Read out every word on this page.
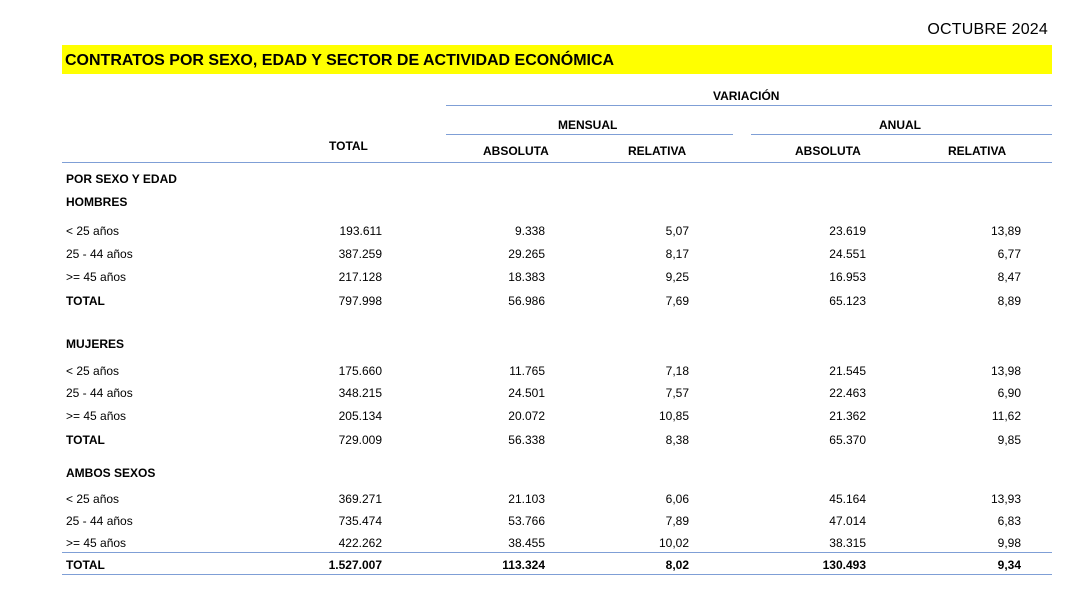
OCTUBRE 2024
CONTRATOS POR SEXO, EDAD Y SECTOR DE ACTIVIDAD ECONÓMICA
VARIACIÓN
MENSUAL	ANUAL
TOTAL	ABSOLUTA	RELATIVA	ABSOLUTA	RELATIVA
POR SEXO Y EDAD
HOMBRES
< 25 años	193.611	9.338	5,07	23.619	13,89
25 - 44 años	387.259	29.265	8,17	24.551	6,77
>= 45 años	217.128	18.383	9,25	16.953	8,47
TOTAL	797.998	56.986	7,69	65.123	8,89
MUJERES
< 25 años	175.660	11.765	7,18	21.545	13,98
25 - 44 años	348.215	24.501	7,57	22.463	6,90
>= 45 años	205.134	20.072	10,85	21.362	11,62
TOTAL	729.009	56.338	8,38	65.370	9,85
AMBOS SEXOS
< 25 años	369.271	21.103	6,06	45.164	13,93
25 - 44 años	735.474	53.766	7,89	47.014	6,83
>= 45 años	422.262	38.455	10,02	38.315	9,98
TOTAL	1.527.007	113.324	8,02	130.493	9,34
